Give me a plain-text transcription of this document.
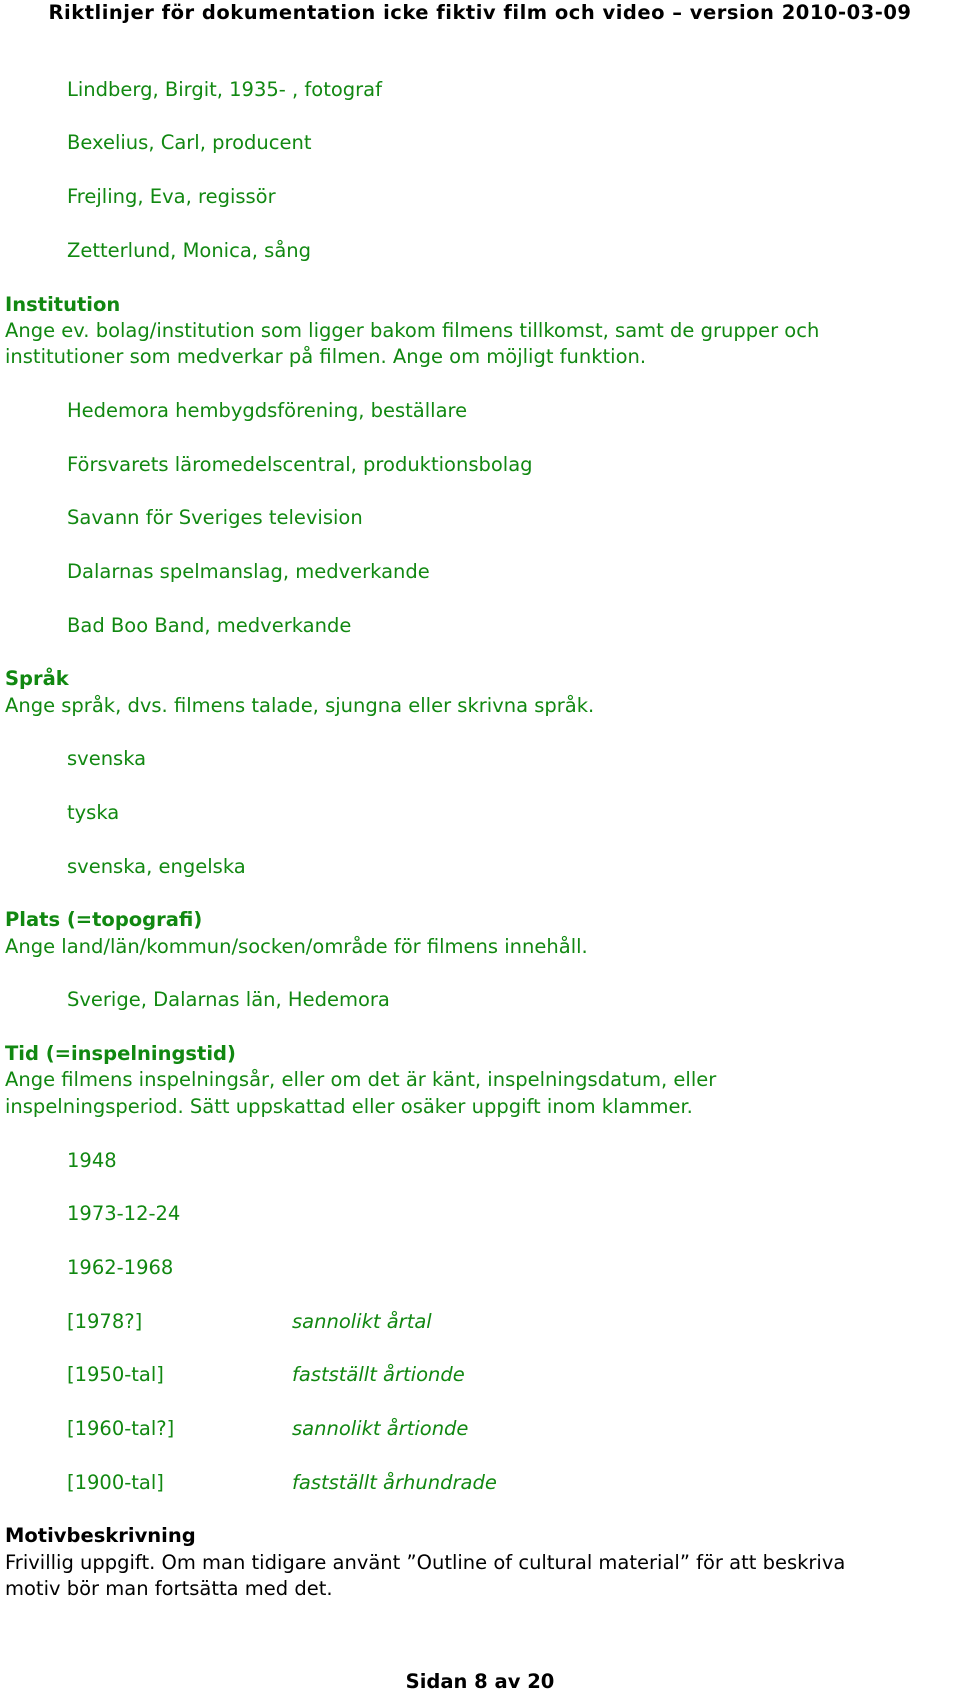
Riktlinjer för dokumentation icke fiktiv film och video – version 2010-03-09
Lindberg, Birgit, 1935- , fotograf
Bexelius, Carl, producent
Frejling, Eva, regissör
Zetterlund, Monica, sång
Institution
Ange ev. bolag/institution som ligger bakom filmens tillkomst, samt de grupper och
institutioner som medverkar på filmen. Ange om möjligt funktion.
Hedemora hembygdsförening, beställare
Försvarets läromedelscentral, produktionsbolag
Savann för Sveriges television
Dalarnas spelmanslag, medverkande
Bad Boo Band, medverkande
Språk
Ange språk, dvs. filmens talade, sjungna eller skrivna språk.
svenska
tyska
svenska, engelska
Plats (=topografi)
Ange land/län/kommun/socken/område för filmens innehåll.
Sverige, Dalarnas län, Hedemora
Tid (=inspelningstid)
Ange filmens inspelningsår, eller om det är känt, inspelningsdatum, eller
inspelningsperiod. Sätt uppskattad eller osäker uppgift inom klammer.
1948
1973-12-24
1962-1968
[1978?]	sannolikt årtal
[1950-tal]	fastställt årtionde
[1960-tal?]	sannolikt årtionde
[1900-tal]	fastställt århundrade
Motivbeskrivning
Frivillig uppgift. Om man tidigare använt ”Outline of cultural material” för att beskriva
motiv bör man fortsätta med det.
Sidan 8 av 20
